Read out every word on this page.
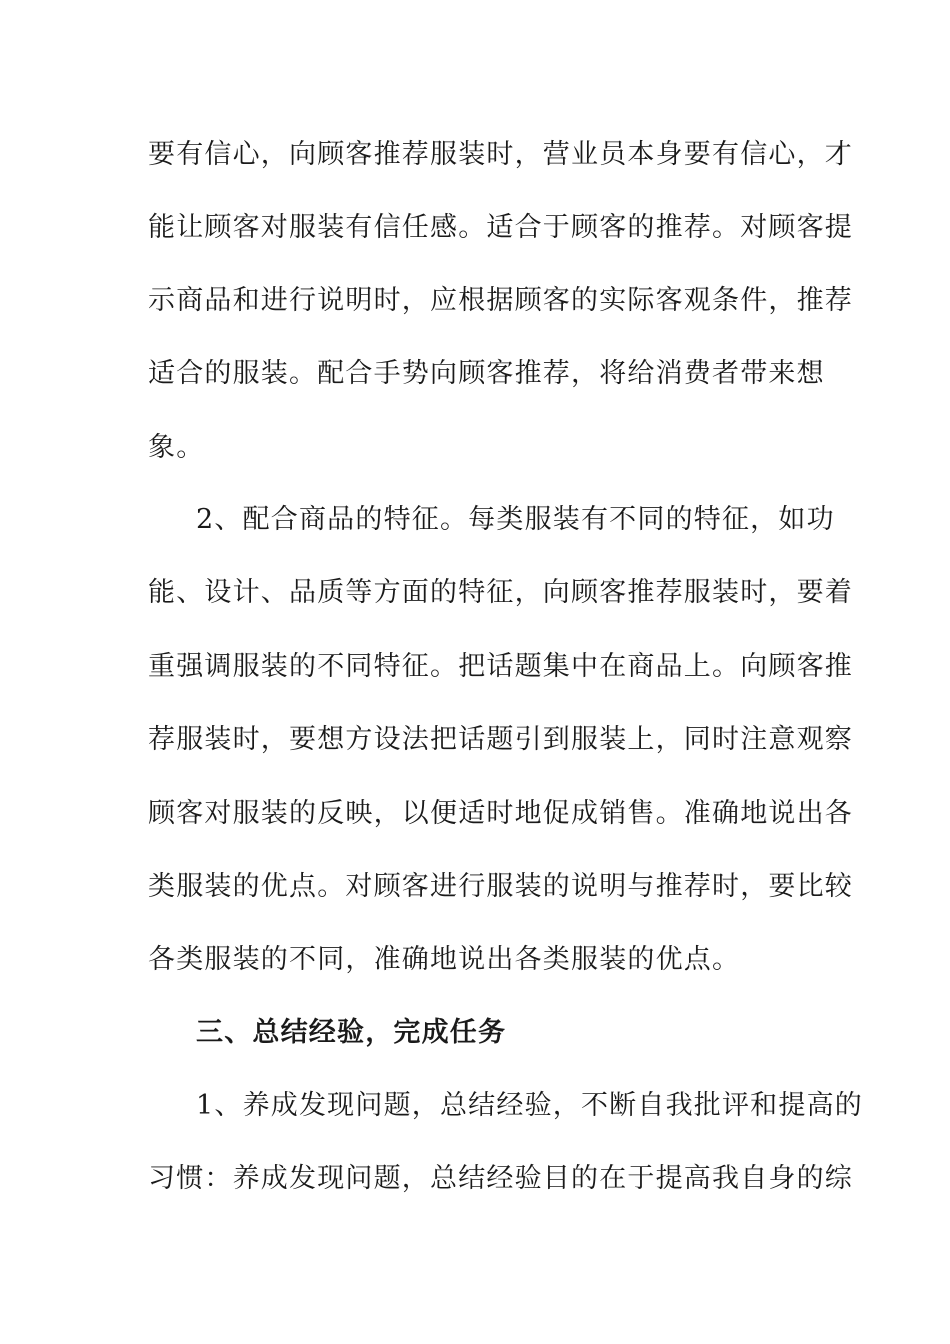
要有信心，向顾客推荐服装时，营业员本身要有信心，才
能让顾客对服装有信任感。适合于顾客的推荐。对顾客提
示商品和进行说明时，应根据顾客的实际客观条件，推荐
适合的服装。配合手势向顾客推荐，将给消费者带来想
象。
2、配合商品的特征。每类服装有不同的特征，如功
能、设计、品质等方面的特征，向顾客推荐服装时，要着
重强调服装的不同特征。把话题集中在商品上。向顾客推
荐服装时，要想方设法把话题引到服装上，同时注意观察
顾客对服装的反映，以便适时地促成销售。准确地说出各
类服装的优点。对顾客进行服装的说明与推荐时，要比较
各类服装的不同，准确地说出各类服装的优点。
三、总结经验，完成任务
1、养成发现问题，总结经验，不断自我批评和提高的
习惯：养成发现问题，总结经验目的在于提高我自身的综
